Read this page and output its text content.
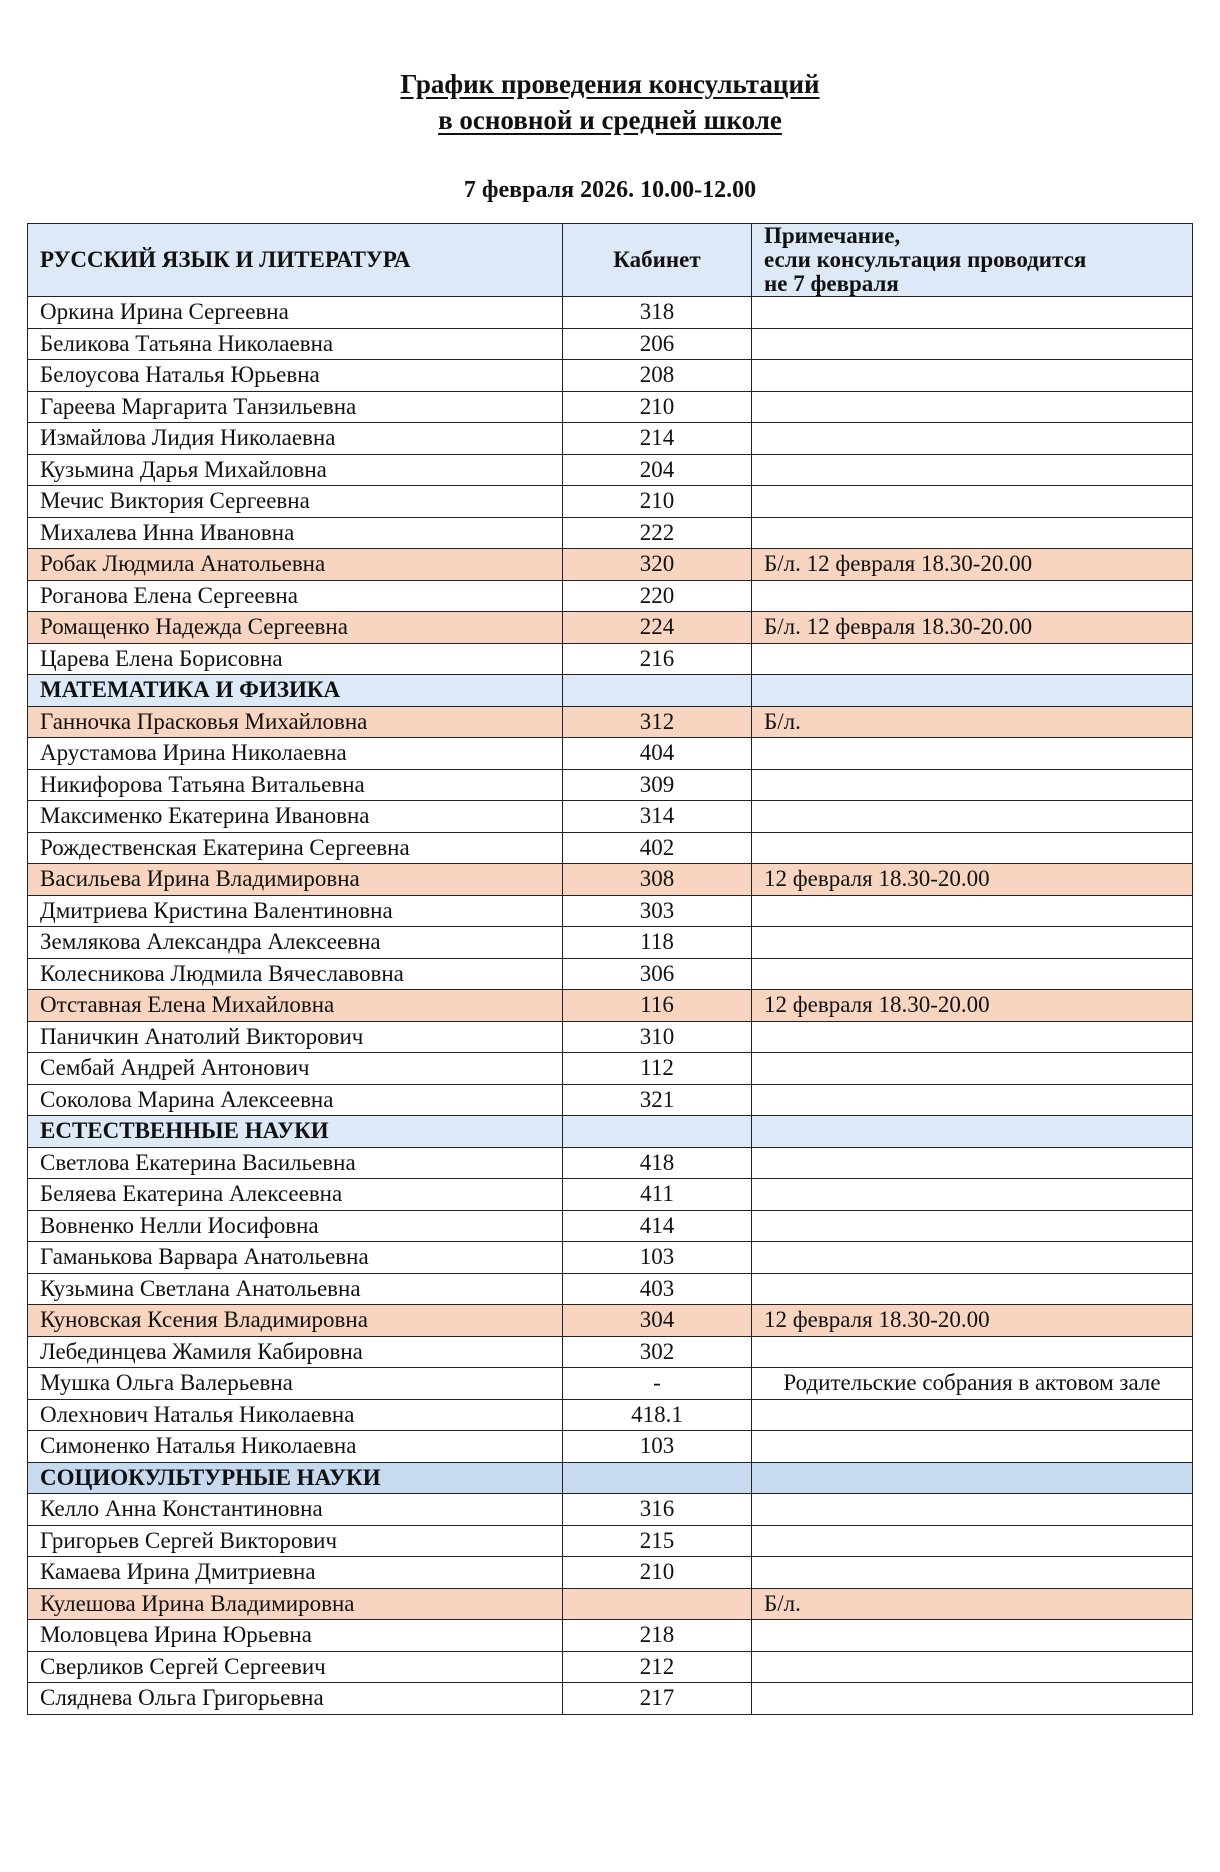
График проведения консультаций
в основной и средней школе
7 февраля 2026. 10.00-12.00
РУССКИЙ ЯЗЫК И ЛИТЕРАТУРА	Кабинет	Примечание,
если консультация проводится
не 7 февраля

Оркина Ирина Сергеевна	318	
Беликова Татьяна Николаевна	206	
Белоусова Наталья Юрьевна	208	
Гареева Маргарита Танзильевна	210	
Измайлова Лидия Николаевна	214	
Кузьмина Дарья Михайловна	204	
Мечис Виктория Сергеевна	210	
Михалева Инна Ивановна	222	
Робак Людмила Анатольевна	320	Б/л. 12 февраля 18.30-20.00
Роганова Елена Сергеевна	220	
Ромащенко Надежда Сергеевна	224	Б/л. 12 февраля 18.30-20.00
Царева Елена Борисовна	216	
МАТЕМАТИКА И ФИЗИКА		
Ганночка Прасковья Михайловна	312	Б/л.
Арустамова Ирина Николаевна	404	
Никифорова Татьяна Витальевна	309	
Максименко Екатерина Ивановна	314	
Рождественская Екатерина Сергеевна	402	
Васильева Ирина Владимировна	308	12 февраля 18.30-20.00
Дмитриева Кристина Валентиновна	303	
Землякова Александра Алексеевна	118	
Колесникова Людмила Вячеславовна	306	
Отставная Елена Михайловна	116	12 февраля 18.30-20.00
Паничкин Анатолий Викторович	310	
Сембай Андрей Антонович	112	
Соколова Марина Алексеевна	321	
ЕСТЕСТВЕННЫЕ НАУКИ		
Светлова Екатерина Васильевна	418	
Беляева Екатерина Алексеевна	411	
Вовненко Нелли Иосифовна	414	
Гаманькова Варвара Анатольевна	103	
Кузьмина Светлана Анатольевна	403	
Куновская Ксения Владимировна	304	12 февраля 18.30-20.00
Лебединцева Жамиля Кабировна	302	
Мушка Ольга Валерьевна	-	Родительские собрания в актовом зале
Олехнович Наталья Николаевна	418.1	
Симоненко Наталья Николаевна	103	
СОЦИОКУЛЬТУРНЫЕ НАУКИ		
Келло Анна Константиновна	316	
Григорьев Сергей Викторович	215	
Камаева Ирина Дмитриевна	210	
Кулешова Ирина Владимировна		Б/л.
Моловцева Ирина Юрьевна	218	
Сверликов Сергей Сергеевич	212	
Сляднева Ольга Григорьевна	217	
